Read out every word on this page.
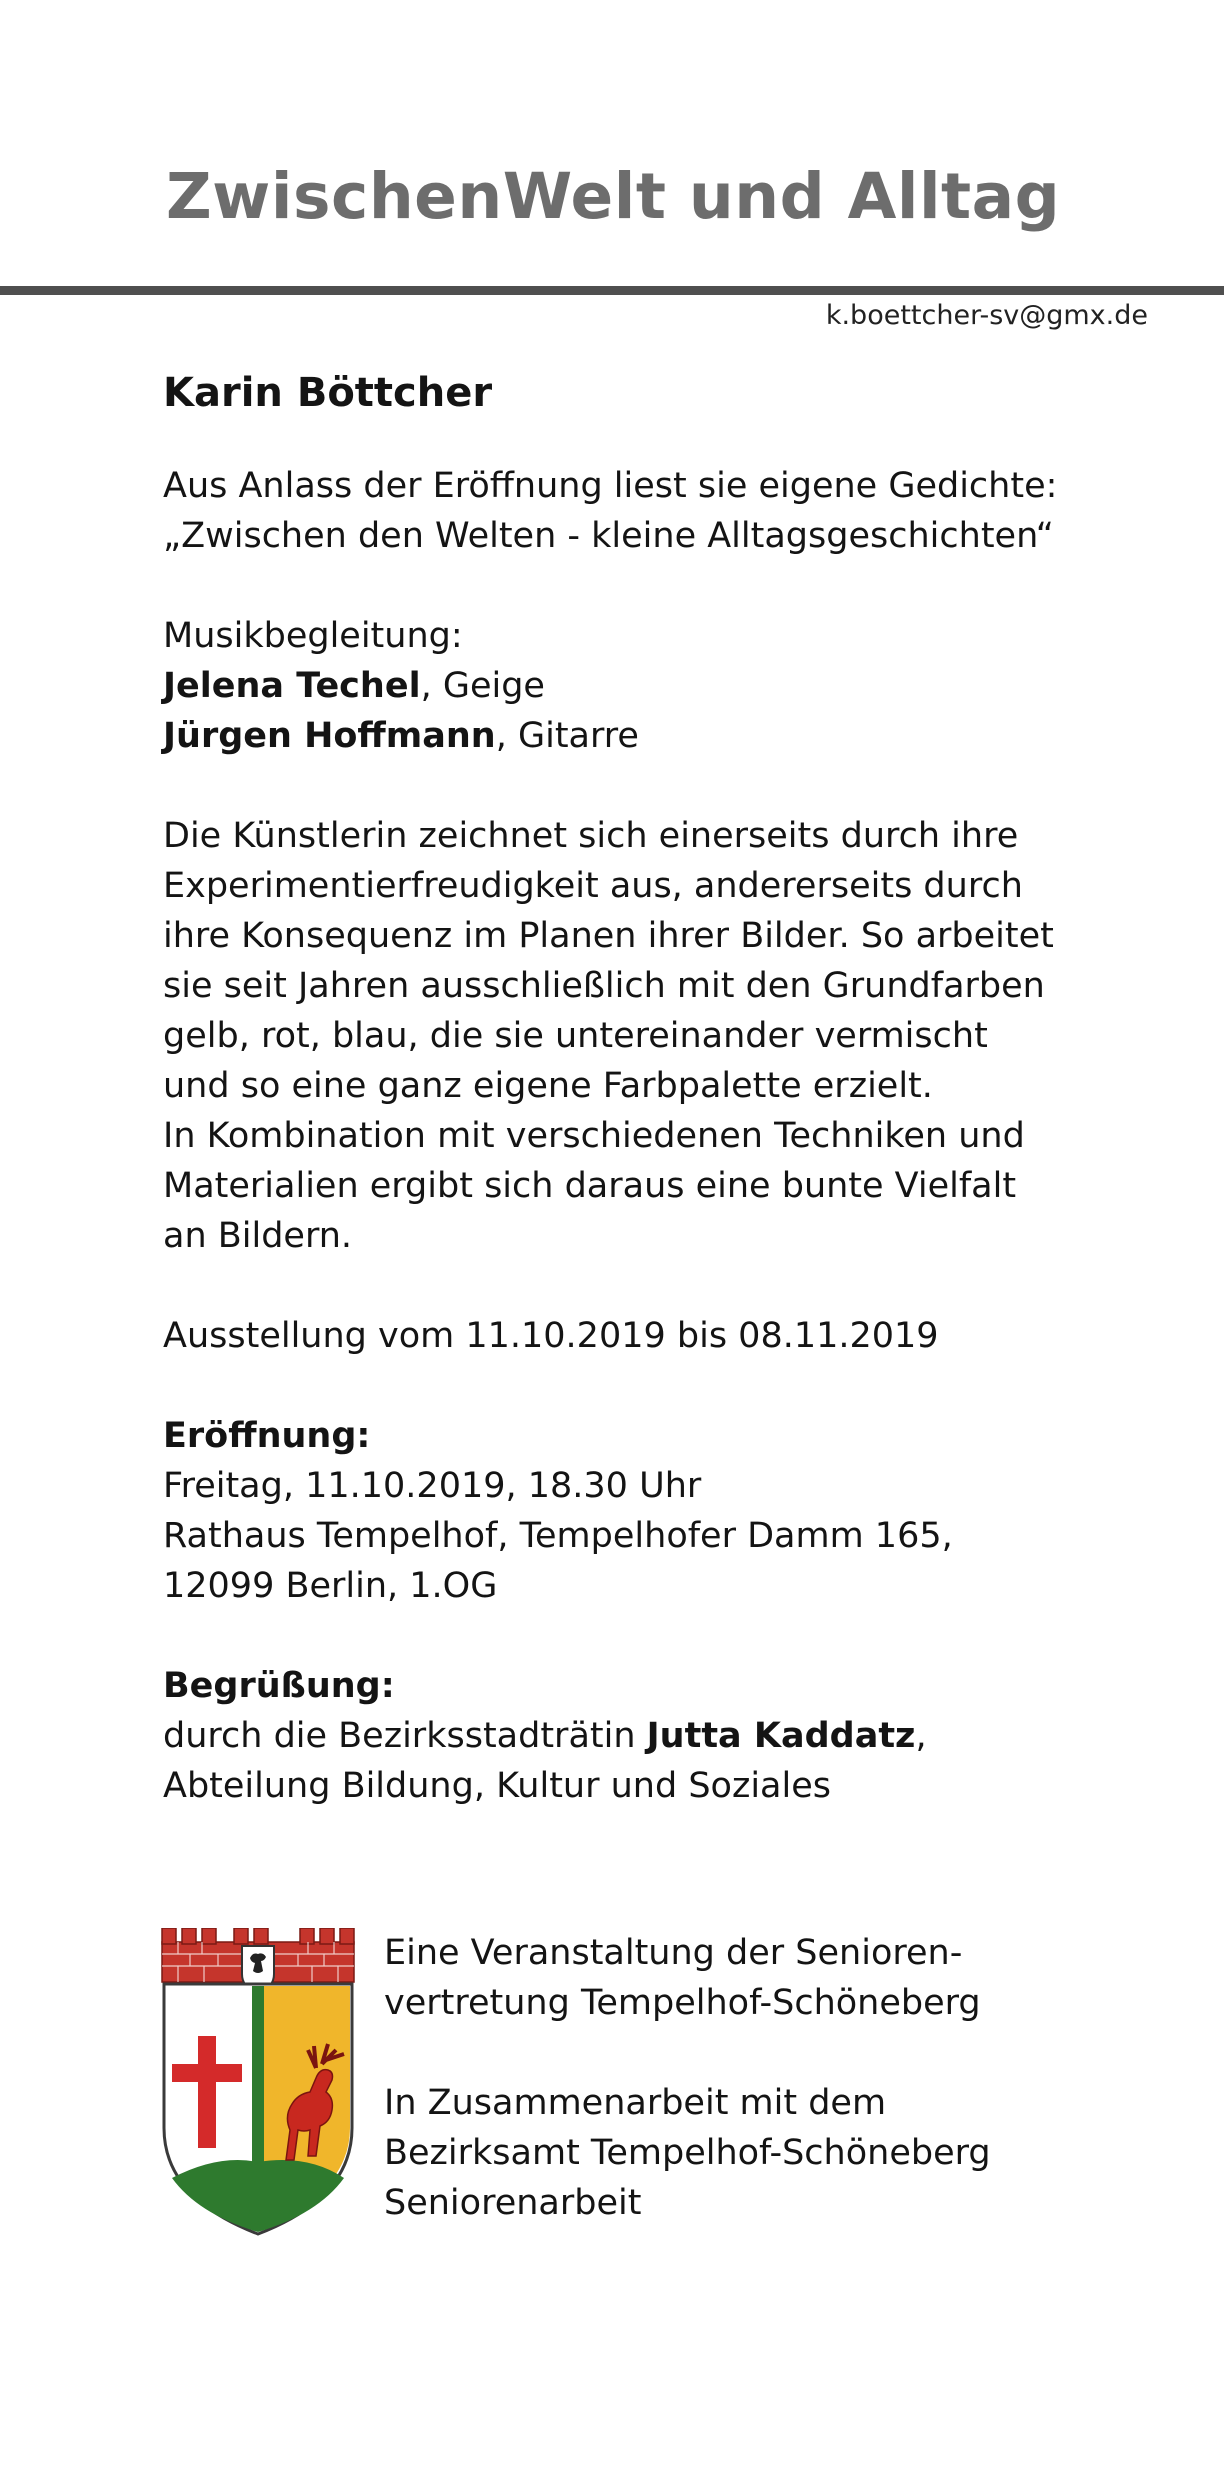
ZwischenWelt und Alltag
k.boettcher-sv@gmx.de

Karin Böttcher

Aus Anlass der Eröffnung liest sie eigene Gedichte:

„Zwischen den Welten - kleine Alltagsgeschichten“

Musikbegleitung:

Jelena Techel, Geige

Jürgen Hoffmann, Gitarre

Die Künstlerin zeichnet sich einerseits durch ihre

Experimentierfreudigkeit aus, andererseits durch

ihre Konsequenz im Planen ihrer Bilder. So arbeitet

sie seit Jahren ausschließlich mit den Grundfarben

gelb, rot, blau, die sie untereinander vermischt

und so eine ganz eigene Farbpalette erzielt.

In Kombination mit verschiedenen Techniken und

Materialien ergibt sich daraus eine bunte Vielfalt

an Bildern.

Ausstellung vom 11.10.2019 bis 08.11.2019

Eröffnung:

Freitag, 11.10.2019, 18.30 Uhr

Rathaus Tempelhof, Tempelhofer Damm 165,

12099 Berlin, 1.OG

Begrüßung:

durch die Bezirksstadträtin Jutta Kaddatz,

Abteilung Bildung, Kultur und Soziales

Eine Veranstaltung der Senioren-

vertretung Tempelhof-Schöneberg

In Zusammenarbeit mit dem

Bezirksamt Tempelhof-Schöneberg

Seniorenarbeit
